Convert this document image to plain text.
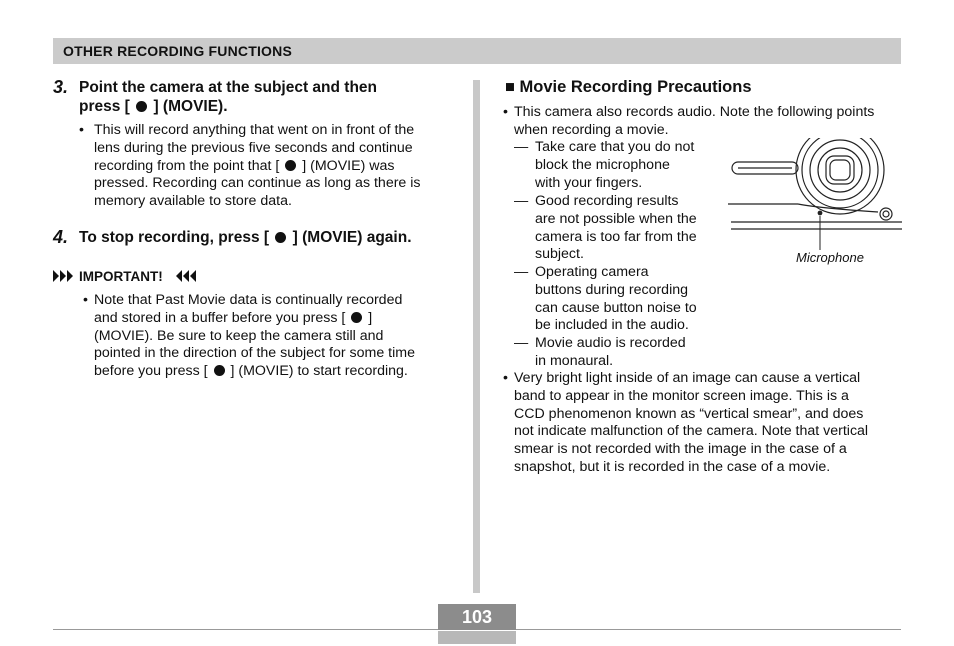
OTHER RECORDING FUNCTIONS
3. Point the camera at the subject and then

press [ ] (MOVIE).

• This will record anything that went on in front of the

lens during the previous five seconds and continue

recording from the point that [ ] (MOVIE) was

pressed. Recording can continue as long as there is

memory available to store data.

4. To stop recording, press [ ] (MOVIE) again.
IMPORTANT!
• Note that Past Movie data is continually recorded

and stored in a buffer before you press [ ]

(MOVIE). Be sure to keep the camera still and

pointed in the direction of the subject for some time

before you press [ ] (MOVIE) to start recording.

■ Movie Recording Precautions
• This camera also records audio. Note the following points

when recording a movie.

— Take care that you do not

block the microphone

with your fingers.

— Good recording results

are not possible when the

camera is too far from the

subject.

— Operating camera

buttons during recording

can cause button noise to

be included in the audio.

— Movie audio is recorded

in monaural.

Microphone
• Very bright light inside of an image can cause a vertical

band to appear in the monitor screen image. This is a

CCD phenomenon known as “vertical smear”, and does

not indicate malfunction of the camera. Note that vertical

smear is not recorded with the image in the case of a

snapshot, but it is recorded in the case of a movie.

103
